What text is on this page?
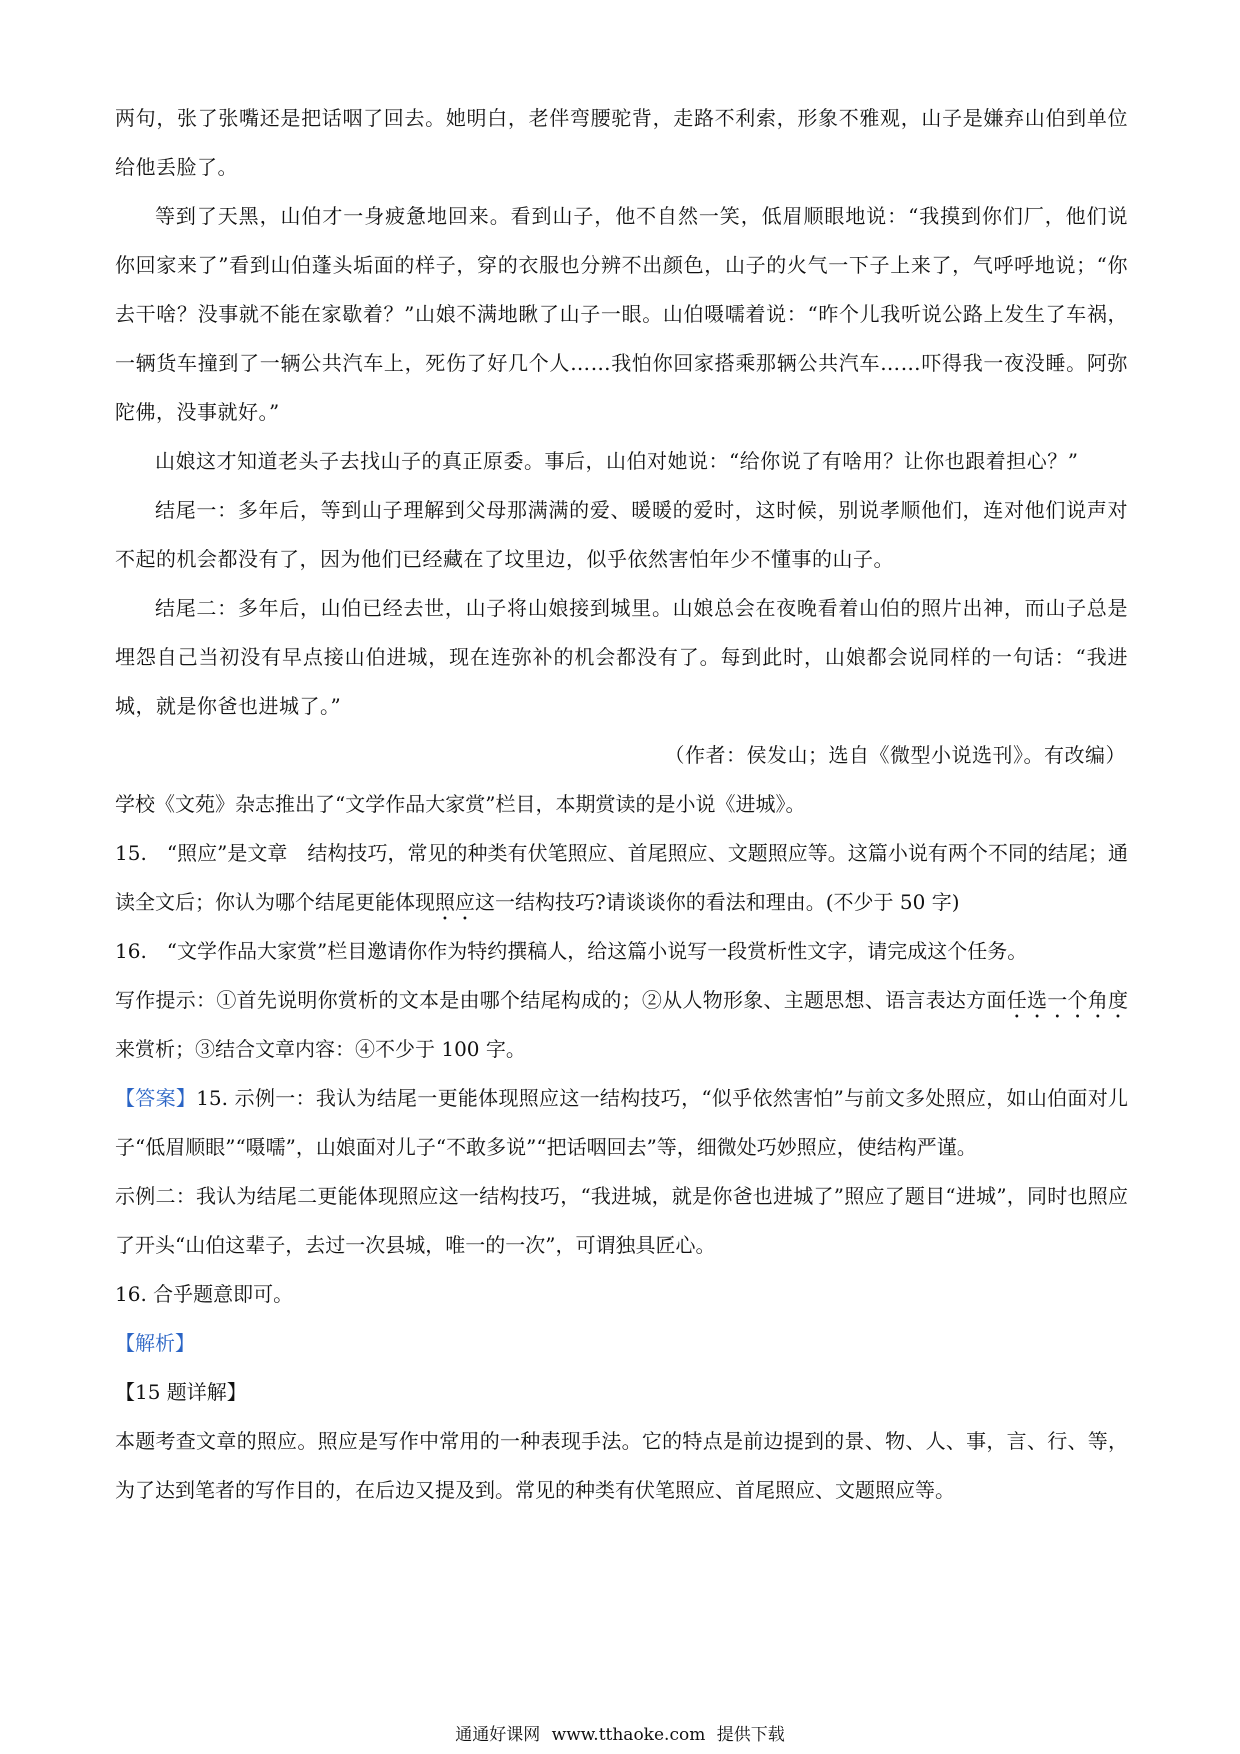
两句，张了张嘴还是把话咽了回去。她明白，老伴弯腰驼背，走路不利索，形象不雅观，山子是嫌弃山伯到单位给他丢脸了。

等到了天黑，山伯才一身疲惫地回来。看到山子，他不自然一笑，低眉顺眼地说：“我摸到你们厂，他们说你回家来了”看到山伯蓬头垢面的样子，穿的衣服也分辨不出颜色，山子的火气一下子上来了，气呼呼地说；“你去干啥？没事就不能在家歇着？”山娘不满地瞅了山子一眼。山伯嗫嚅着说：“昨个儿我听说公路上发生了车祸，一辆货车撞到了一辆公共汽车上，死伤了好几个人……我怕你回家搭乘那辆公共汽车……吓得我一夜没睡。阿弥陀佛，没事就好。”

山娘这才知道老头子去找山子的真正原委。事后，山伯对她说：“给你说了有啥用？让你也跟着担心？”

结尾一：多年后，等到山子理解到父母那满满的爱、暖暖的爱时，这时候，别说孝顺他们，连对他们说声对不起的机会都没有了，因为他们已经藏在了坟里边，似乎依然害怕年少不懂事的山子。

结尾二：多年后，山伯已经去世，山子将山娘接到城里。山娘总会在夜晚看着山伯的照片出神，而山子总是埋怨自己当初没有早点接山伯进城，现在连弥补的机会都没有了。每到此时，山娘都会说同样的一句话：“我进城，就是你爸也进城了。”

（作者：侯发山；选自《微型小说选刊》。有改编）

学校《文苑》杂志推出了“文学作品大家赏”栏目，本期赏读的是小说《进城》。

15.　“照应”是文章　结构技巧，常见的种类有伏笔照应、首尾照应、文题照应等。这篇小说有两个不同的结尾；通读全文后；你认为哪个结尾更能体现照应这一结构技巧?请谈谈你的看法和理由。(不少于 50 字)

16.　“文学作品大家赏”栏目邀请你作为特约撰稿人，给这篇小说写一段赏析性文字，请完成这个任务。

写作提示：①首先说明你赏析的文本是由哪个结尾构成的；②从人物形象、主题思想、语言表达方面任选一个角度来赏析；③结合文章内容：④不少于 100 字。

【答案】15. 示例一：我认为结尾一更能体现照应这一结构技巧，“似乎依然害怕”与前文多处照应，如山伯面对儿子“低眉顺眼”“嗫嚅”，山娘面对儿子“不敢多说”“把话咽回去”等，细微处巧妙照应，使结构严谨。

示例二：我认为结尾二更能体现照应这一结构技巧，“我进城，就是你爸也进城了”照应了题目“进城”，同时也照应了开头“山伯这辈子，去过一次县城，唯一的一次”，可谓独具匠心。

16. 合乎题意即可。

【解析】

【15 题详解】

本题考查文章的照应。照应是写作中常用的一种表现手法。它的特点是前边提到的景、物、人、事，言、行、等，为了达到笔者的写作目的，在后边又提及到。常见的种类有伏笔照应、首尾照应、文题照应等。

通通好课网 www.tthaoke.com 提供下载
